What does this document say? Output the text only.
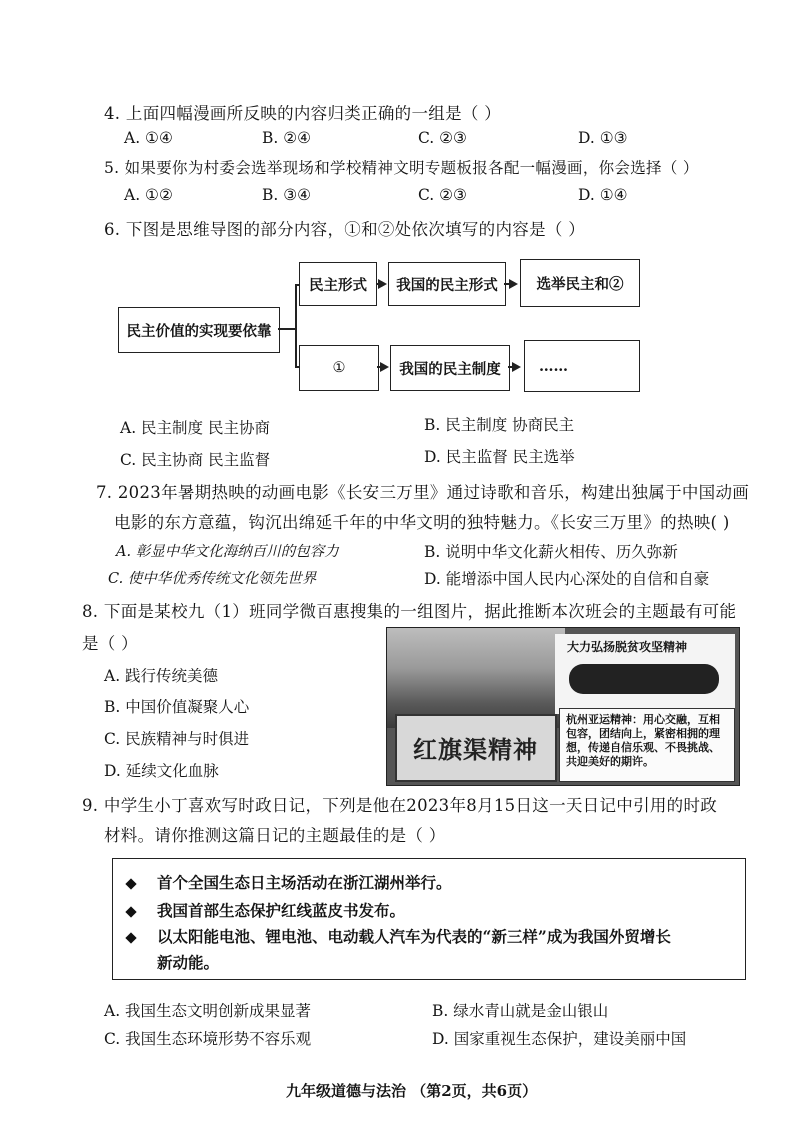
4. 上面四幅漫画所反映的内容归类正确的一组是（ ）
A. ①④	B. ②④	C. ②③	D. ①③
5. 如果要你为村委会选举现场和学校精神文明专题板报各配一幅漫画，你会选择（ ）
A. ①②	B. ③④	C. ②③	D. ①④
6. 下图是思维导图的部分内容，①和②处依次填写的内容是（ ）
民主价值的实现要依靠
民主形式	我国的民主形式	选举民主和②
①	我国的民主制度	……
A. 民主制度 民主协商	B. 民主制度 协商民主
C. 民主协商 民主监督	D. 民主监督 民主选举
7. 2023年暑期热映的动画电影《长安三万里》通过诗歌和音乐，构建出独属于中国动画
电影的东方意蕴，钩沉出绵延千年的中华文明的独特魅力。《长安三万里》的热映( )
A. 彰显中华文化海纳百川的包容力	B. 说明中华文化薪火相传、历久弥新
C. 使中华优秀传统文化领先世界	D. 能增添中国人民内心深处的自信和自豪
8. 下面是某校九（1）班同学微百惠搜集的一组图片，据此推断本次班会的主题最有可能
是（ ）
A. 践行传统美德
B. 中国价值凝聚人心
C. 民族精神与时俱进
D. 延续文化血脉
大力弘扬脱贫攻坚精神
红旗渠精神
杭州亚运精神：用心交融，互相包容，团结向上，紧密相拥的理想，传递自信乐观、不畏挑战、共迎美好的期许。
9. 中学生小丁喜欢写时政日记，下列是他在2023年8月15日这一天日记中引用的时政
材料。请你推测这篇日记的主题最佳的是（ ）
首个全国生态日主场活动在浙江湖州举行。
我国首部生态保护红线蓝皮书发布。
以太阳能电池、锂电池、电动载人汽车为代表的“新三样”成为我国外贸增长
新动能。
A. 我国生态文明创新成果显著	B. 绿水青山就是金山银山
C. 我国生态环境形势不容乐观	D. 国家重视生态保护，建设美丽中国
九年级道德与法治 （第2页，共6页）
